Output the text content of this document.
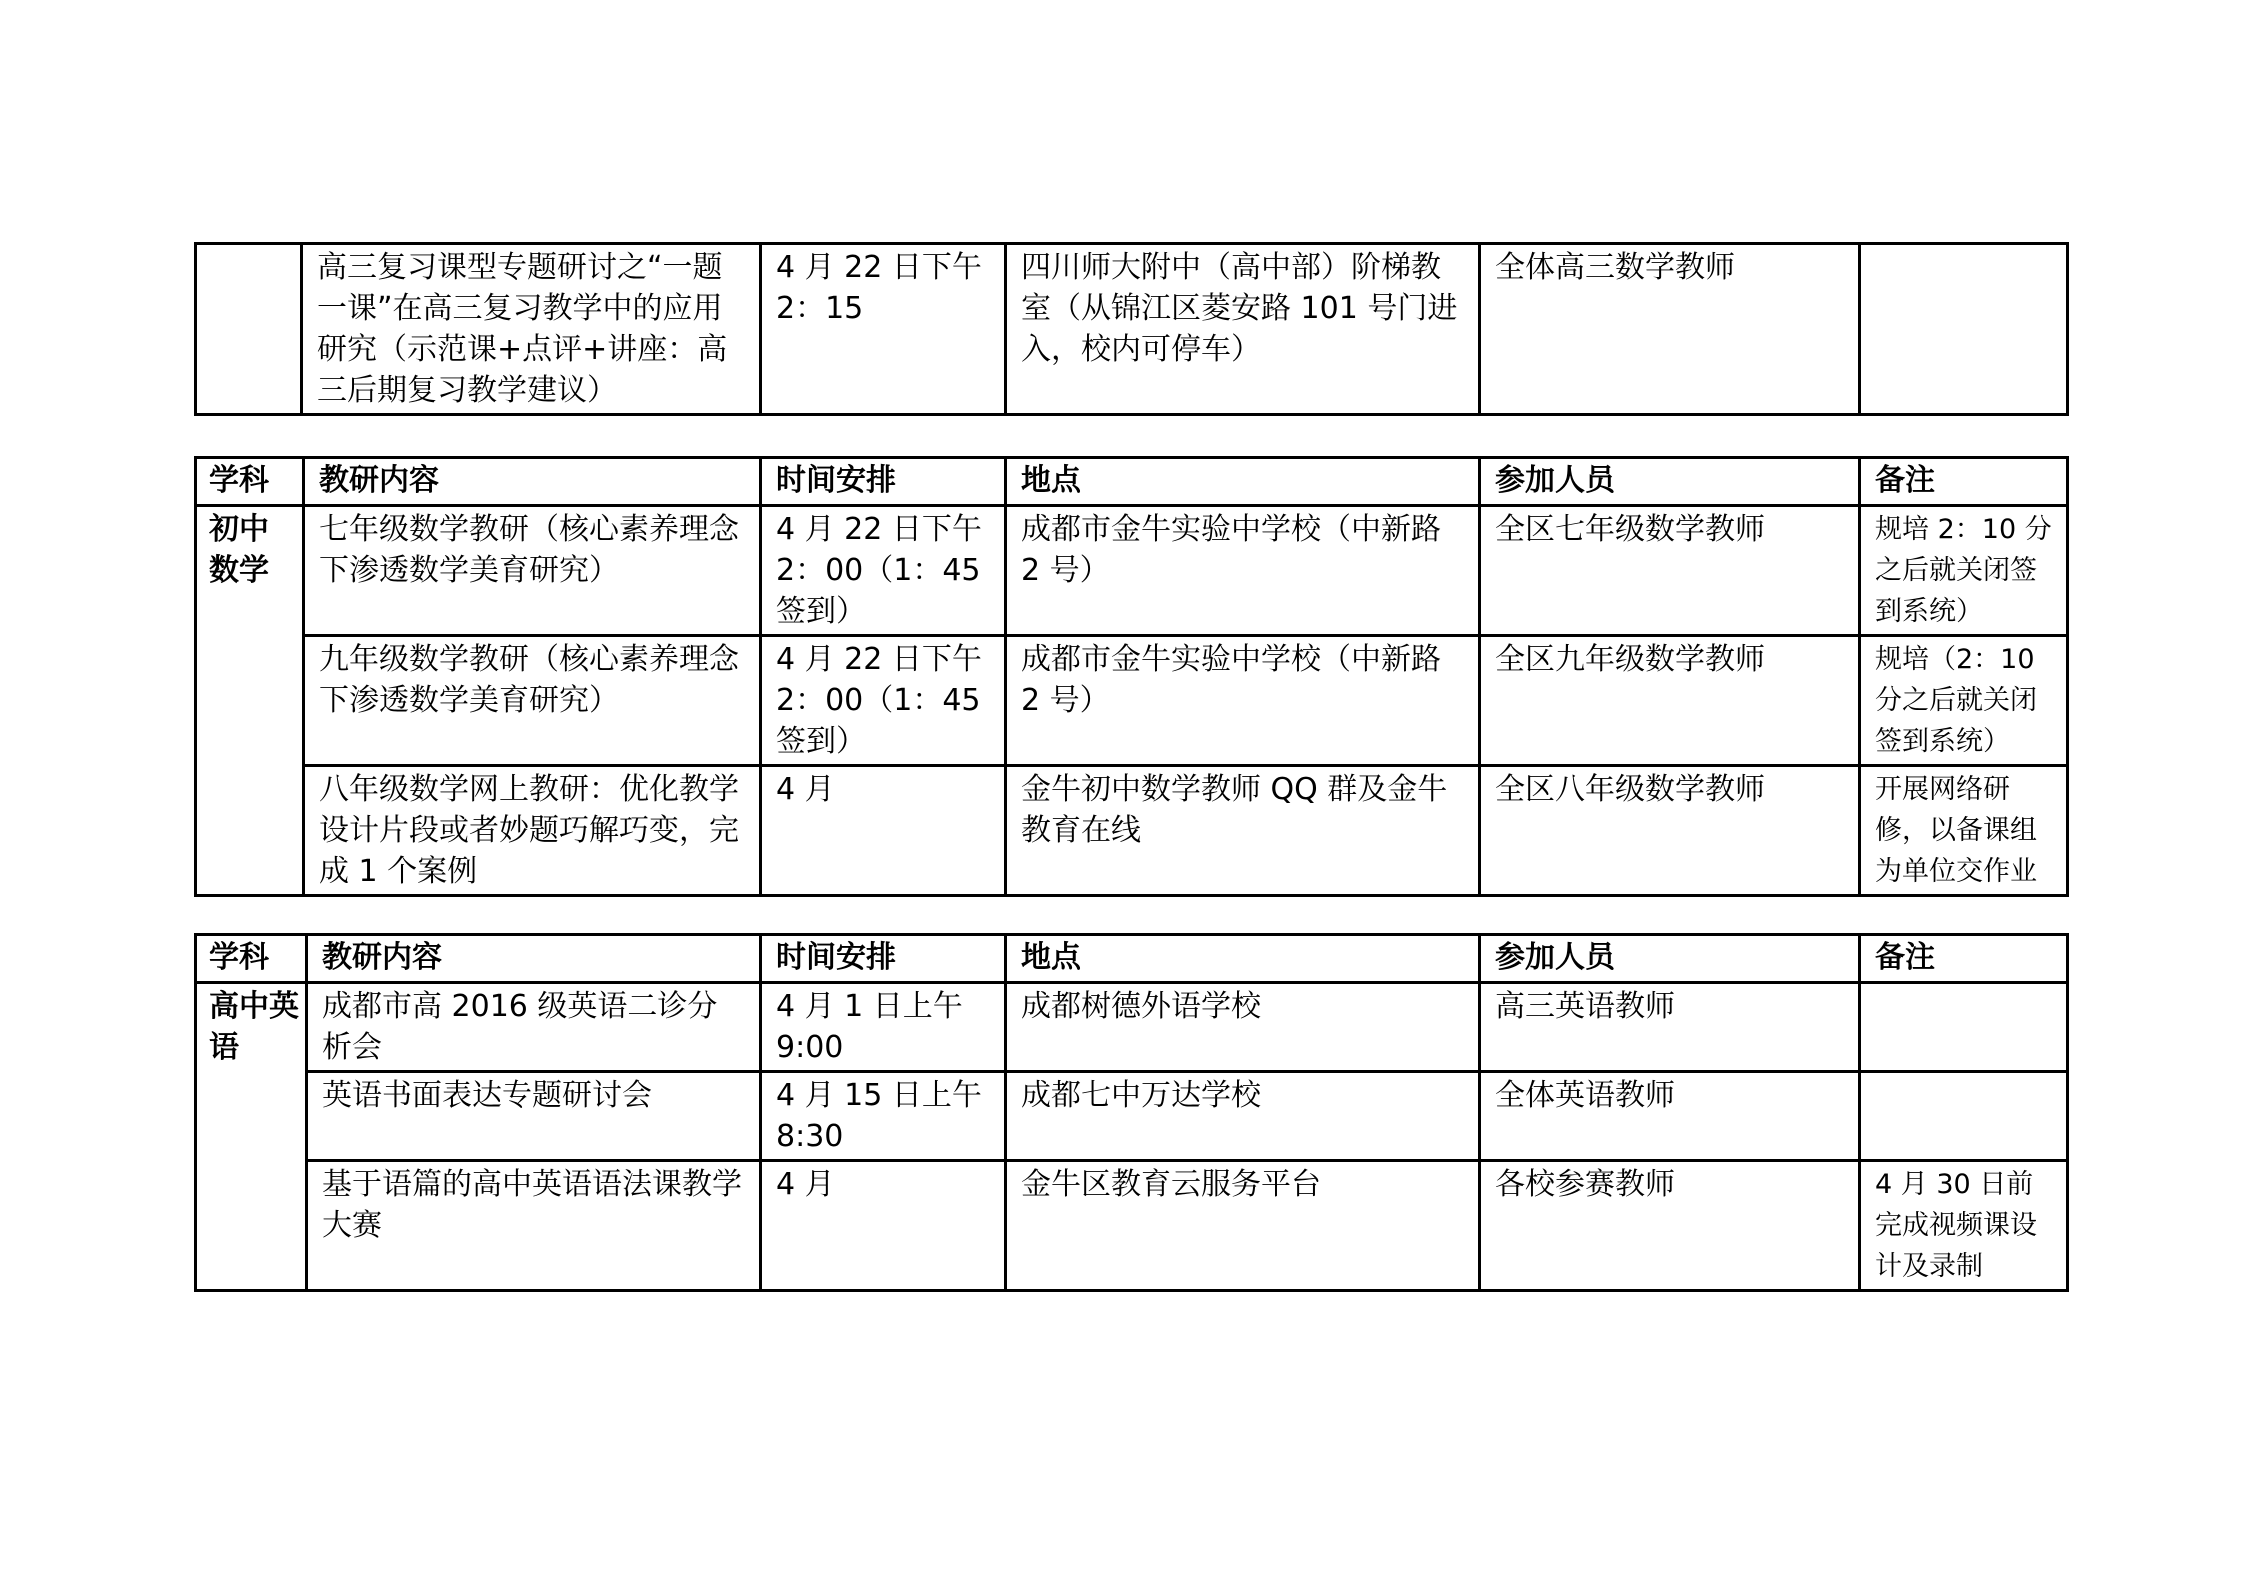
	高三复习课型专题研讨之“一题一课”在高三复习教学中的应用研究（示范课+点评+讲座：高三后期复习教学建议）	4 月 22 日下午 2：15	四川师大附中（高中部）阶梯教室（从锦江区菱安路 101 号门进入，校内可停车）	全体高三数学教师	
学科	教研内容	时间安排	地点	参加人员	备注
初中数学	七年级数学教研（核心素养理念下渗透数学美育研究）	4 月 22 日下午 2：00（1：45 签到）	成都市金牛实验中学校（中新路 2 号）	全区七年级数学教师	规培 2：10 分之后就关闭签到系统）
	九年级数学教研（核心素养理念下渗透数学美育研究）	4 月 22 日下午 2：00（1：45 签到）	成都市金牛实验中学校（中新路 2 号）	全区九年级数学教师	规培（2：10 分之后就关闭签到系统）
	八年级数学网上教研：优化教学设计片段或者妙题巧解巧变，完成 1 个案例	4 月	金牛初中数学教师 QQ 群及金牛教育在线	全区八年级数学教师	开展网络研修，以备课组为单位交作业
学科	教研内容	时间安排	地点	参加人员	备注
高中英语	成都市高 2016 级英语二诊分析会	4 月 1 日上午 9:00	成都树德外语学校	高三英语教师	
	英语书面表达专题研讨会	4 月 15 日上午 8:30	成都七中万达学校	全体英语教师	
	基于语篇的高中英语语法课教学大赛	4 月	金牛区教育云服务平台	各校参赛教师	4 月 30 日前完成视频课设计及录制
